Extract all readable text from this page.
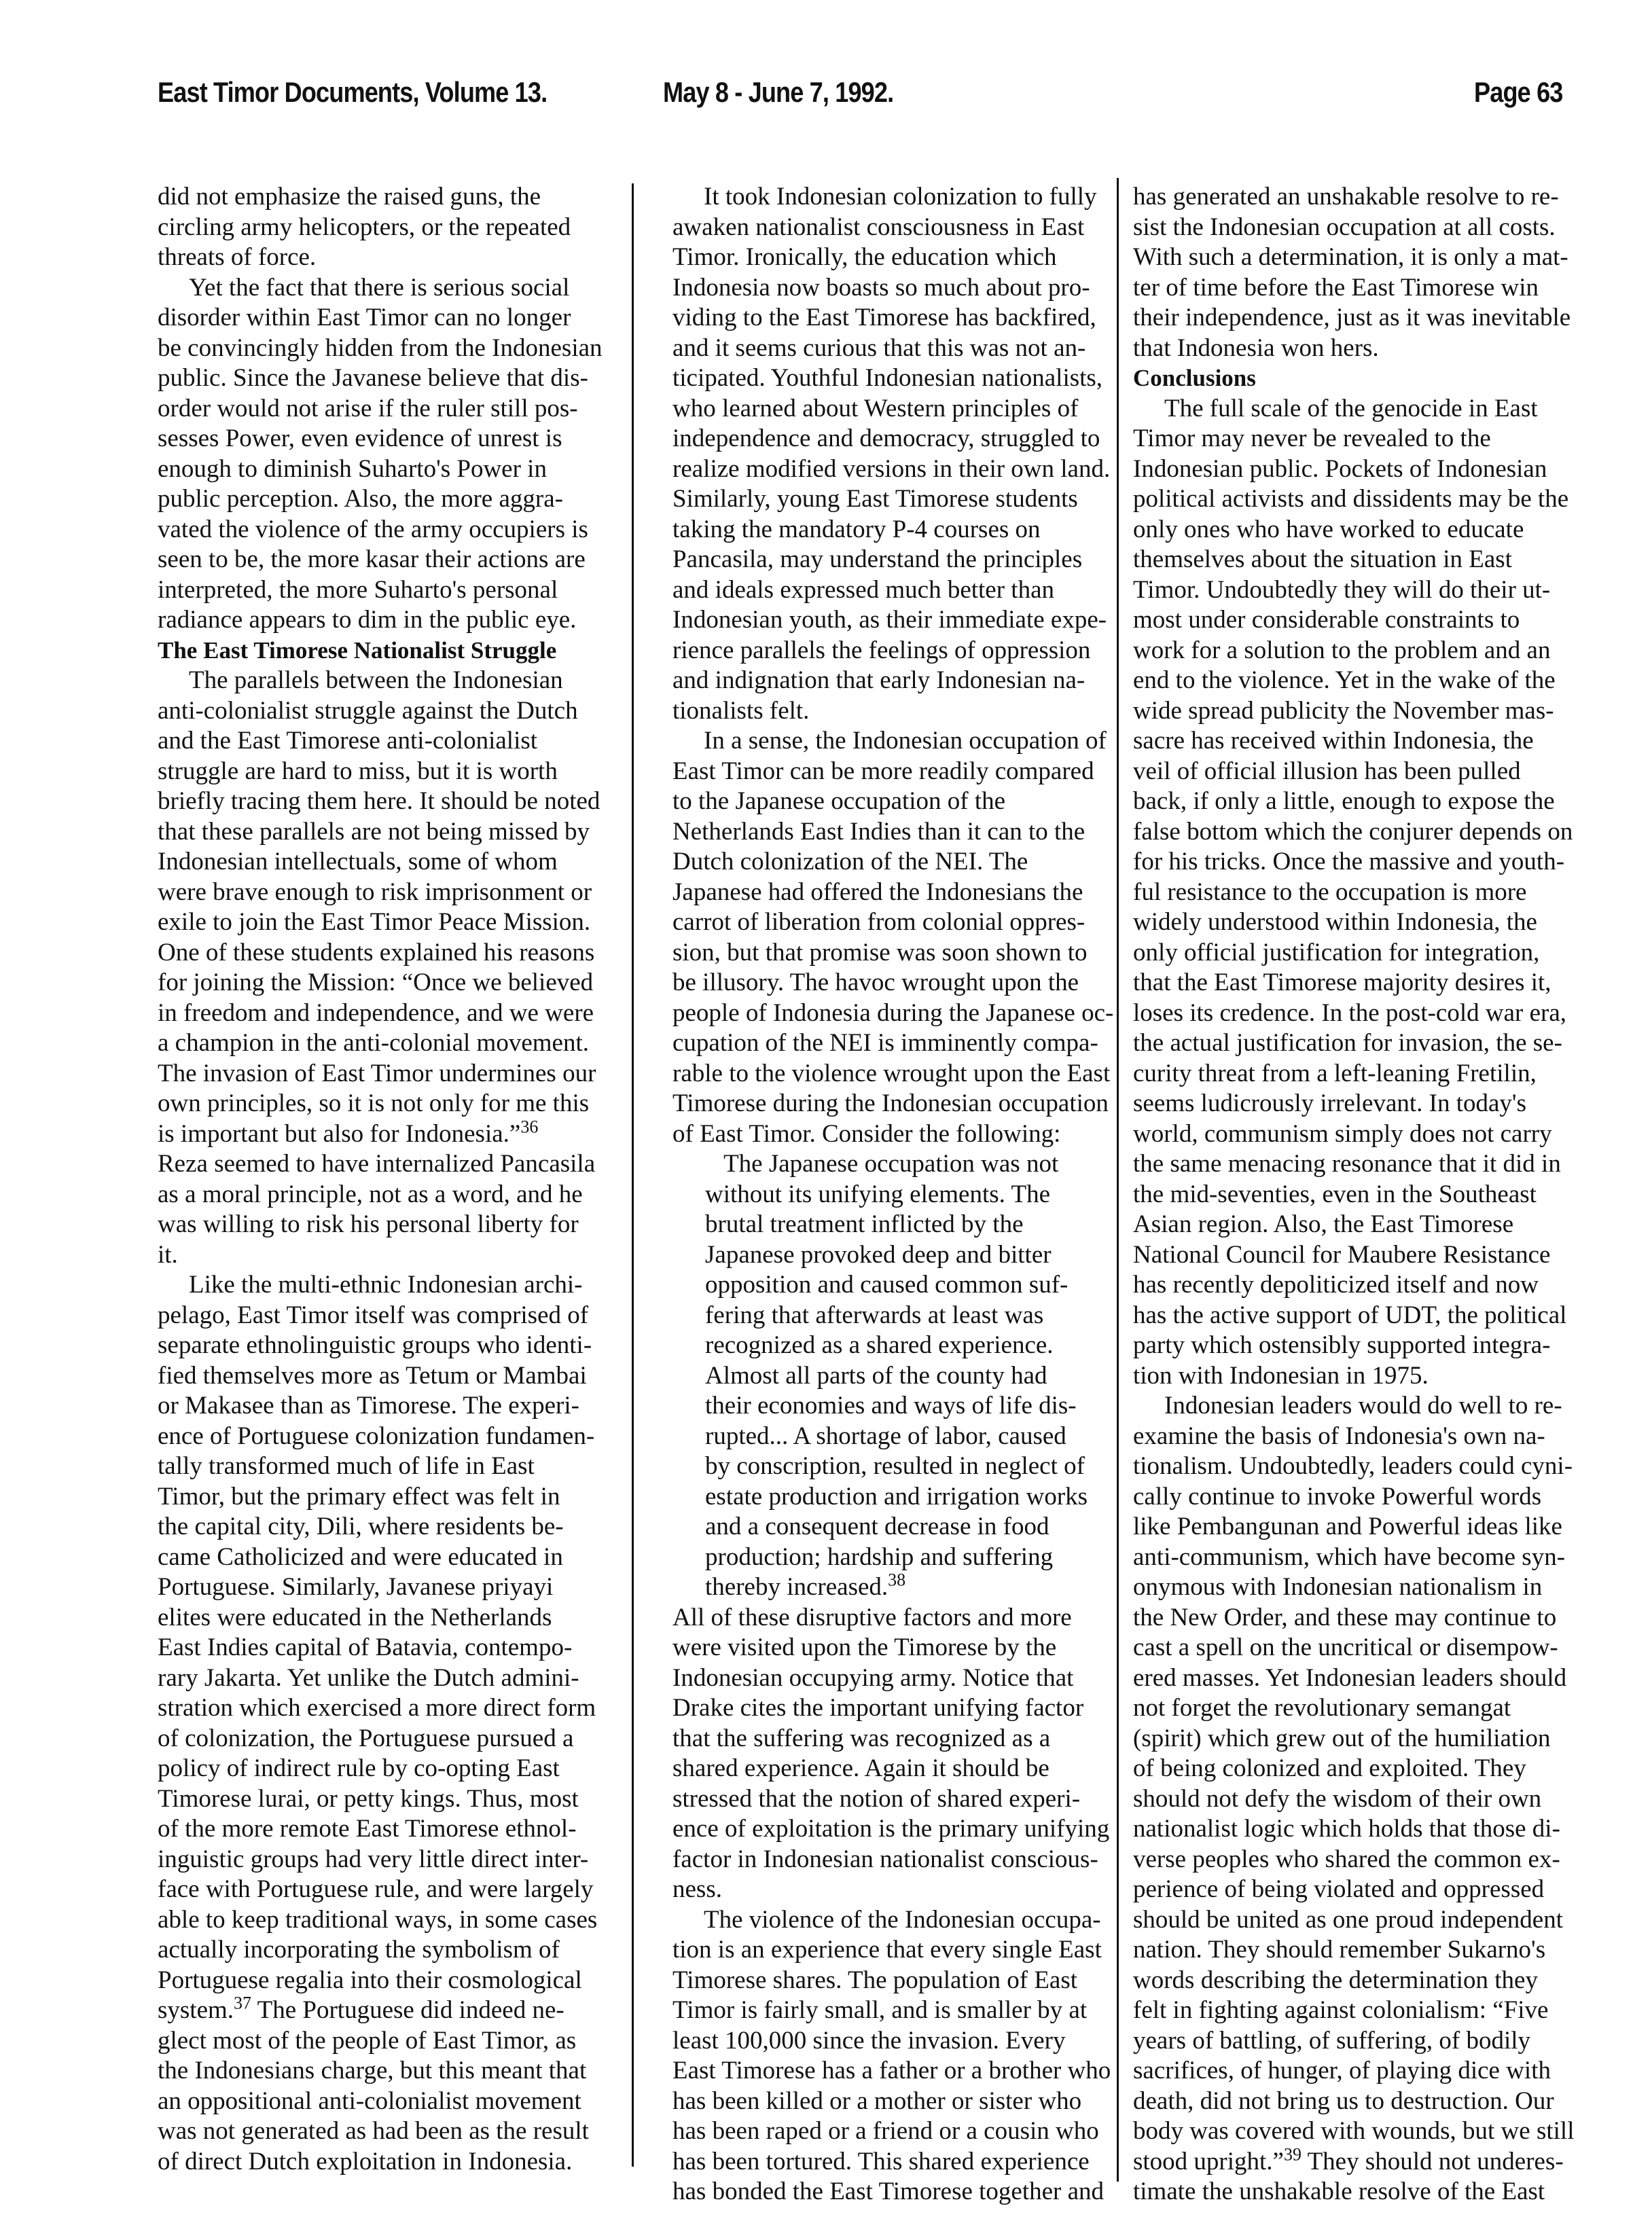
East Timor Documents, Volume 13.	May 8 - June 7, 1992.	Page 63

did not emphasize the raised guns, the
circling army helicopters, or the repeated
threats of force.

Yet the fact that there is serious social
disorder within East Timor can no longer
be convincingly hidden from the Indonesian
public. Since the Javanese believe that dis-
order would not arise if the ruler still pos-
sesses Power, even evidence of unrest is
enough to diminish Suharto's Power in
public perception. Also, the more aggra-
vated the violence of the army occupiers is
seen to be, the more kasar their actions are
interpreted, the more Suharto's personal
radiance appears to dim in the public eye.

The East Timorese Nationalist Struggle

The parallels between the Indonesian
anti-colonialist struggle against the Dutch
and the East Timorese anti-colonialist
struggle are hard to miss, but it is worth
briefly tracing them here. It should be noted
that these parallels are not being missed by
Indonesian intellectuals, some of whom
were brave enough to risk imprisonment or
exile to join the East Timor Peace Mission.
One of these students explained his reasons
for joining the Mission: “Once we believed
in freedom and independence, and we were
a champion in the anti-colonial movement.
The invasion of East Timor undermines our
own principles, so it is not only for me this
is important but also for Indonesia.”$^{36}$
Reza seemed to have internalized Pancasila
as a moral principle, not as a word, and he
was willing to risk his personal liberty for
it.

Like the multi-ethnic Indonesian archi-
pelago, East Timor itself was comprised of
separate ethnolinguistic groups who identi-
fied themselves more as Tetum or Mambai
or Makasee than as Timorese. The experi-
ence of Portuguese colonization fundamen-
tally transformed much of life in East
Timor, but the primary effect was felt in
the capital city, Dili, where residents be-
came Catholicized and were educated in
Portuguese. Similarly, Javanese priyayi
elites were educated in the Netherlands
East Indies capital of Batavia, contempo-
rary Jakarta. Yet unlike the Dutch admini-
stration which exercised a more direct form
of colonization, the Portuguese pursued a
policy of indirect rule by co-opting East
Timorese lurai, or petty kings. Thus, most
of the more remote East Timorese ethnol-
inguistic groups had very little direct inter-
face with Portuguese rule, and were largely
able to keep traditional ways, in some cases
actually incorporating the symbolism of
Portuguese regalia into their cosmological
system.$^{37}$ The Portuguese did indeed ne-
glect most of the people of East Timor, as
the Indonesians charge, but this meant that
an oppositional anti-colonialist movement
was not generated as had been as the result
of direct Dutch exploitation in Indonesia.

It took Indonesian colonization to fully
awaken nationalist consciousness in East
Timor. Ironically, the education which
Indonesia now boasts so much about pro-
viding to the East Timorese has backfired,
and it seems curious that this was not an-
ticipated. Youthful Indonesian nationalists,
who learned about Western principles of
independence and democracy, struggled to
realize modified versions in their own land.
Similarly, young East Timorese students
taking the mandatory P-4 courses on
Pancasila, may understand the principles
and ideals expressed much better than
Indonesian youth, as their immediate expe-
rience parallels the feelings of oppression
and indignation that early Indonesian na-
tionalists felt.

In a sense, the Indonesian occupation of
East Timor can be more readily compared
to the Japanese occupation of the
Netherlands East Indies than it can to the
Dutch colonization of the NEI. The
Japanese had offered the Indonesians the
carrot of liberation from colonial oppres-
sion, but that promise was soon shown to
be illusory. The havoc wrought upon the
people of Indonesia during the Japanese oc-
cupation of the NEI is imminently compa-
rable to the violence wrought upon the East
Timorese during the Indonesian occupation
of East Timor. Consider the following:

The Japanese occupation was not
without its unifying elements. The
brutal treatment inflicted by the
Japanese provoked deep and bitter
opposition and caused common suf-
fering that afterwards at least was
recognized as a shared experience.
Almost all parts of the county had
their economies and ways of life dis-
rupted... A shortage of labor, caused
by conscription, resulted in neglect of
estate production and irrigation works
and a consequent decrease in food
production; hardship and suffering
thereby increased.$^{38}$

All of these disruptive factors and more
were visited upon the Timorese by the
Indonesian occupying army. Notice that
Drake cites the important unifying factor
that the suffering was recognized as a
shared experience. Again it should be
stressed that the notion of shared experi-
ence of exploitation is the primary unifying
factor in Indonesian nationalist conscious-
ness.

The violence of the Indonesian occupa-
tion is an experience that every single East
Timorese shares. The population of East
Timor is fairly small, and is smaller by at
least 100,000 since the invasion. Every
East Timorese has a father or a brother who
has been killed or a mother or sister who
has been raped or a friend or a cousin who
has been tortured. This shared experience
has bonded the East Timorese together and

has generated an unshakable resolve to re-
sist the Indonesian occupation at all costs.
With such a determination, it is only a mat-
ter of time before the East Timorese win
their independence, just as it was inevitable
that Indonesia won hers.

Conclusions

The full scale of the genocide in East
Timor may never be revealed to the
Indonesian public. Pockets of Indonesian
political activists and dissidents may be the
only ones who have worked to educate
themselves about the situation in East
Timor. Undoubtedly they will do their ut-
most under considerable constraints to
work for a solution to the problem and an
end to the violence. Yet in the wake of the
wide spread publicity the November mas-
sacre has received within Indonesia, the
veil of official illusion has been pulled
back, if only a little, enough to expose the
false bottom which the conjurer depends on
for his tricks. Once the massive and youth-
ful resistance to the occupation is more
widely understood within Indonesia, the
only official justification for integration,
that the East Timorese majority desires it,
loses its credence. In the post-cold war era,
the actual justification for invasion, the se-
curity threat from a left-leaning Fretilin,
seems ludicrously irrelevant. In today's
world, communism simply does not carry
the same menacing resonance that it did in
the mid-seventies, even in the Southeast
Asian region. Also, the East Timorese
National Council for Maubere Resistance
has recently depoliticized itself and now
has the active support of UDT, the political
party which ostensibly supported integra-
tion with Indonesian in 1975.

Indonesian leaders would do well to re-
examine the basis of Indonesia's own na-
tionalism. Undoubtedly, leaders could cyni-
cally continue to invoke Powerful words
like Pembangunan and Powerful ideas like
anti-communism, which have become syn-
onymous with Indonesian nationalism in
the New Order, and these may continue to
cast a spell on the uncritical or disempow-
ered masses. Yet Indonesian leaders should
not forget the revolutionary semangat
(spirit) which grew out of the humiliation
of being colonized and exploited. They
should not defy the wisdom of their own
nationalist logic which holds that those di-
verse peoples who shared the common ex-
perience of being violated and oppressed
should be united as one proud independent
nation. They should remember Sukarno's
words describing the determination they
felt in fighting against colonialism: “Five
years of battling, of suffering, of bodily
sacrifices, of hunger, of playing dice with
death, did not bring us to destruction. Our
body was covered with wounds, but we still
stood upright.”$^{39}$ They should not underes-
timate the unshakable resolve of the East
